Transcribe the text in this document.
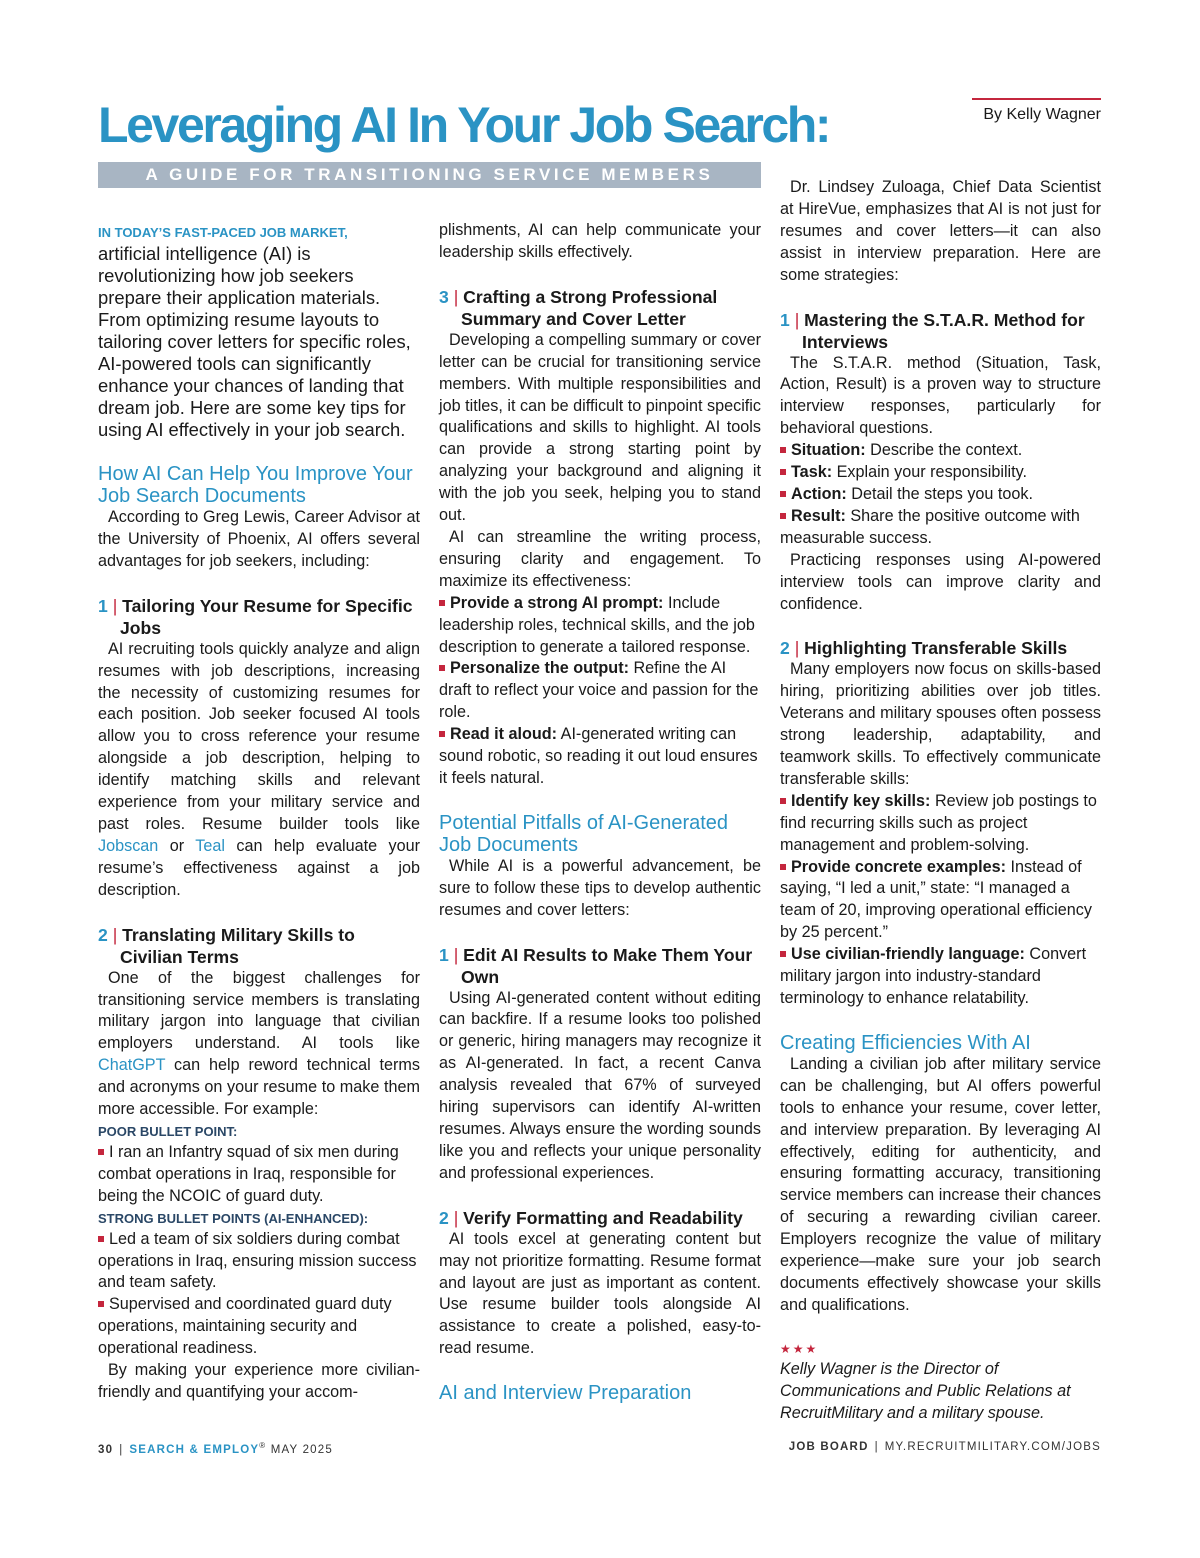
Leveraging AI In Your Job Search:
A GUIDE FOR TRANSITIONING SERVICE MEMBERS
By Kelly Wagner

IN TODAY’S FAST-PACED JOB MARKET,

artificial intelligence (AI) is revolutionizing how job seekers prepare their application materials. From optimizing resume layouts to tailoring cover letters for specific roles, AI-powered tools can significantly enhance your chances of landing that dream job. Here are some key tips for using AI effectively in your job search.

How AI Can Help You Improve Your Job Search Documents

According to Greg Lewis, Career Advisor at the University of Phoenix, AI offers several advantages for job seekers, including:

1 | Tailoring Your Resume for Specific Jobs

AI recruiting tools quickly analyze and align resumes with job descriptions, increasing the necessity of customizing resumes for each position. Job seeker focused AI tools allow you to cross reference your resume alongside a job description, helping to identify matching skills and relevant experience from your military service and past roles. Resume builder tools like Jobscan or Teal can help evaluate your resume’s effectiveness against a job description.

2 | Translating Military Skills to Civilian Terms

One of the biggest challenges for transitioning service members is translating military jargon into language that civilian employers understand. AI tools like ChatGPT can help reword technical terms and acronyms on your resume to make them more accessible. For example:

POOR BULLET POINT:

I ran an Infantry squad of six men during combat operations in Iraq, responsible for being the NCOIC of guard duty.

STRONG BULLET POINTS (AI-ENHANCED):

Led a team of six soldiers during combat operations in Iraq, ensuring mission success and team safety.

Supervised and coordinated guard duty operations, maintaining security and operational readiness.

By making your experience more civilian-friendly and quantifying your accom-

plishments, AI can help communicate your leadership skills effectively.

3 | Crafting a Strong Professional Summary and Cover Letter

Developing a compelling summary or cover letter can be crucial for transitioning service members. With multiple responsibilities and job titles, it can be difficult to pinpoint specific qualifications and skills to highlight. AI tools can provide a strong starting point by analyzing your background and aligning it with the job you seek, helping you to stand out.

AI can streamline the writing process, ensuring clarity and engagement. To maximize its effectiveness:

Provide a strong AI prompt: Include leadership roles, technical skills, and the job description to generate a tailored response.

Personalize the output: Refine the AI draft to reflect your voice and passion for the role.

Read it aloud: AI-generated writing can sound robotic, so reading it out loud ensures it feels natural.

Potential Pitfalls of AI-Generated Job Documents

While AI is a powerful advancement, be sure to follow these tips to develop authentic resumes and cover letters:

1 | Edit AI Results to Make Them Your Own

Using AI-generated content without editing can backfire. If a resume looks too polished or generic, hiring managers may recognize it as AI-generated. In fact, a recent Canva analysis revealed that 67% of surveyed hiring supervisors can identify AI-written resumes. Always ensure the wording sounds like you and reflects your unique personality and professional experiences.

2 | Verify Formatting and Readability

AI tools excel at generating content but may not prioritize formatting. Resume format and layout are just as important as content. Use resume builder tools alongside AI assistance to create a polished, easy-to-read resume.

AI and Interview Preparation

Dr. Lindsey Zuloaga, Chief Data Scientist at HireVue, emphasizes that AI is not just for resumes and cover letters—it can also assist in interview preparation. Here are some strategies:

1 | Mastering the S.T.A.R. Method for Interviews

The S.T.A.R. method (Situation, Task, Action, Result) is a proven way to structure interview responses, particularly for behavioral questions.

Situation: Describe the context.

Task: Explain your responsibility.

Action: Detail the steps you took.

Result: Share the positive outcome with measurable success.

Practicing responses using AI-powered interview tools can improve clarity and confidence.

2 | Highlighting Transferable Skills

Many employers now focus on skills-based hiring, prioritizing abilities over job titles. Veterans and military spouses often possess strong leadership, adaptability, and teamwork skills. To effectively communicate transferable skills:

Identify key skills: Review job postings to find recurring skills such as project management and problem-solving.

Provide concrete examples: Instead of saying, “I led a unit,” state: “I managed a team of 20, improving operational efficiency by 25 percent.”

Use civilian-friendly language: Convert military jargon into industry-standard terminology to enhance relatability.

Creating Efficiencies With AI

Landing a civilian job after military service can be challenging, but AI offers powerful tools to enhance your resume, cover letter, and interview preparation. By leveraging AI effectively, editing for authenticity, and ensuring formatting accuracy, transitioning service members can increase their chances of securing a rewarding civilian career. Employers recognize the value of military experience—make sure your job search documents effectively showcase your skills and qualifications.

★★★

Kelly Wagner is the Director of Communications and Public Relations at RecruitMilitary and a military spouse.

30 | SEARCH & EMPLOY® MAY 2025	JOB BOARD | MY.RECRUITMILITARY.COM/JOBS
